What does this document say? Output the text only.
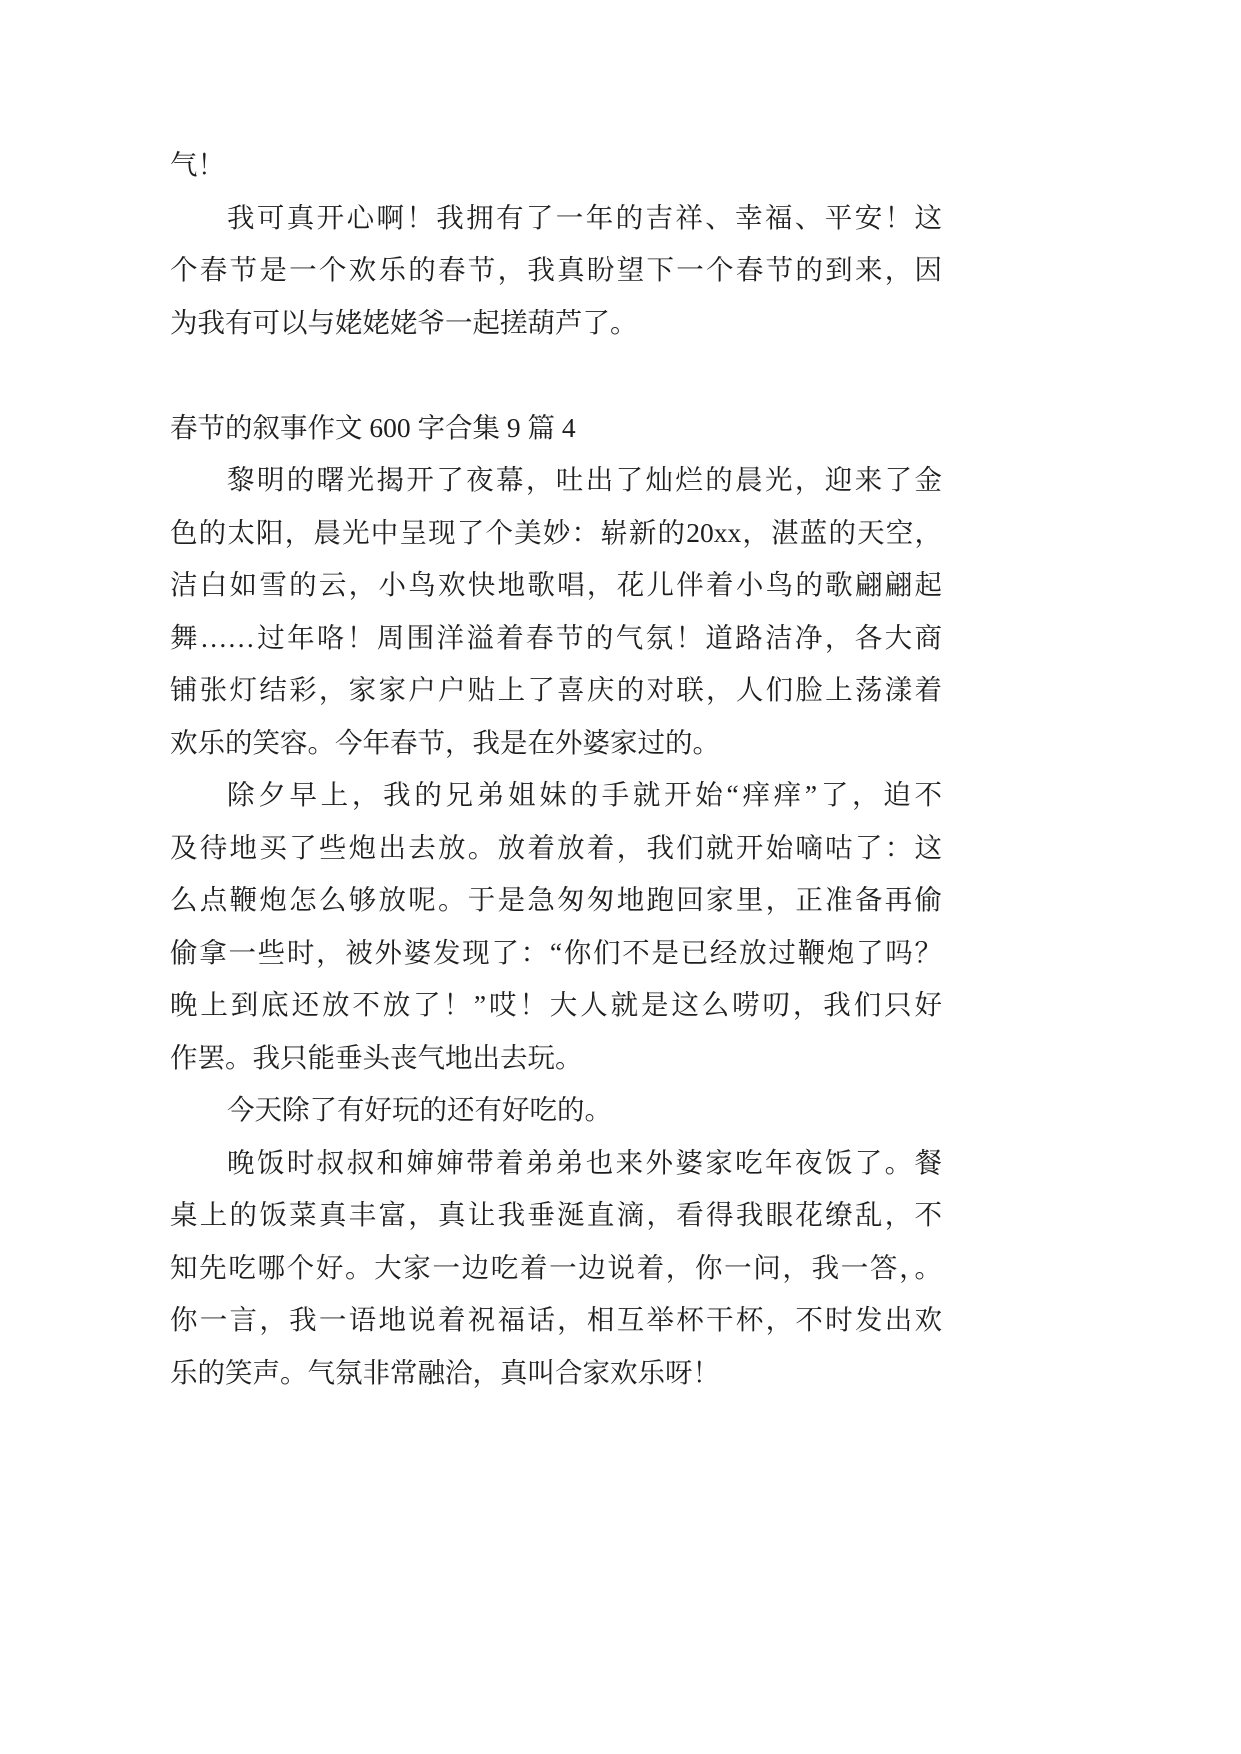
气！

我可真开心啊！我拥有了一年的吉祥、幸福、平安！这
个春节是一个欢乐的春节，我真盼望下一个春节的到来，因
为我有可以与姥姥姥爷一起搓葫芦了。

春节的叙事作文 600 字合集 9 篇 4

黎明的曙光揭开了夜幕，吐出了灿烂的晨光，迎来了金
色的太阳，晨光中呈现了个美妙：崭新的20xx，湛蓝的天空，
洁白如雪的云，小鸟欢快地歌唱，花儿伴着小鸟的歌翩翩起
舞……过年咯！周围洋溢着春节的气氛！道路洁净，各大商
铺张灯结彩，家家户户贴上了喜庆的对联，人们脸上荡漾着
欢乐的笑容。今年春节，我是在外婆家过的。

除夕早上，我的兄弟姐妹的手就开始“痒痒”了，迫不
及待地买了些炮出去放。放着放着，我们就开始嘀咕了：这
么点鞭炮怎么够放呢。于是急匆匆地跑回家里，正准备再偷
偷拿一些时，被外婆发现了：“你们不是已经放过鞭炮了吗？
晚上到底还放不放了！”哎！大人就是这么唠叨，我们只好
作罢。我只能垂头丧气地出去玩。

今天除了有好玩的还有好吃的。

晚饭时叔叔和婶婶带着弟弟也来外婆家吃年夜饭了。餐
桌上的饭菜真丰富，真让我垂涎直滴，看得我眼花缭乱，不
知先吃哪个好。大家一边吃着一边说着，你一问，我一答，。
你一言，我一语地说着祝福话，相互举杯干杯，不时发出欢
乐的笑声。气氛非常融洽，真叫合家欢乐呀！
